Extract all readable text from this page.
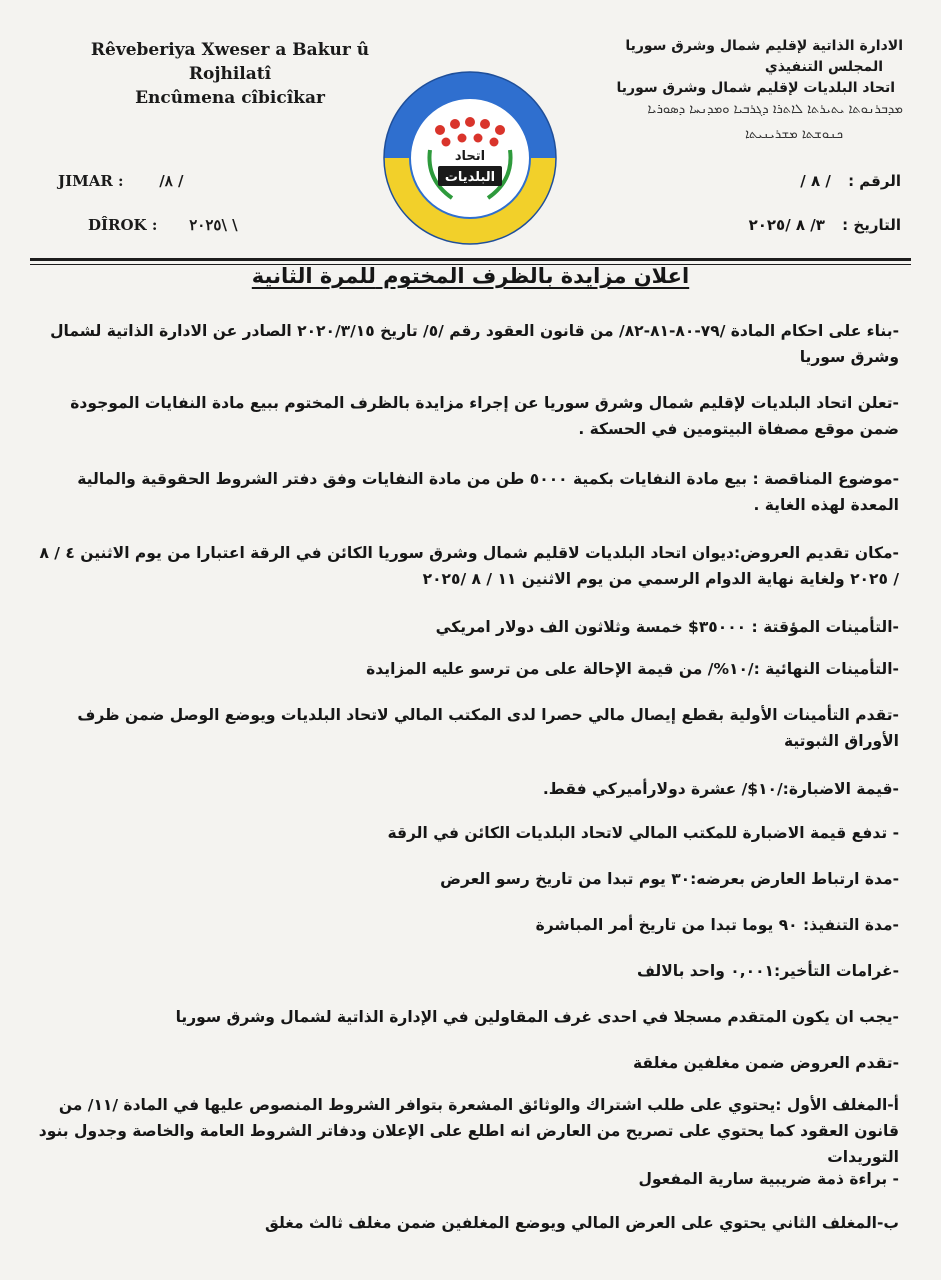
Rêveberiya Xweser a Bakur û Rojhilatî
Encûmena cîbicîkar
JIMAR : / ٨/
DÎROK : \ \٢٠٢٥
اتحاد
البلديات
الادارة الذاتية لإقليم شمال وشرق سوريا
المجلس التنفيذي
اتحاد البلديات لإقليم شمال وشرق سوريا
ܡܕܒܪܢܘܬܐ ܝܬܝܪܬܐ ܠܐܬܪܐ ܕܓܪܒܝܐ ܘܡܕܢܚܐ ܕܣܘܪܝܐ
ܟܢܘܫܬܐ ܡܫܪܝܢܝܬܐ
الرقم : / ٨ /
التاريخ : ٣/ ٨ /٢٠٢٥
اعلان مزايدة بالظرف المختوم للمرة الثانية

-بناء على احكام المادة /٧٩-٨٠-٨١-٨٢/ من قانون العقود رقم /٥/ تاريخ ٢٠٢٠/٣/١٥ الصادر عن الادارة الذاتية لشمال وشرق سوريا

-تعلن اتحاد البلديات لإقليم شمال وشرق سوريا عن إجراء مزايدة بالظرف المختوم ببيع مادة النفايات الموجودة ضمن موقع مصفاة البيتومين في الحسكة .

-موضوع المناقصة : بيع مادة النفايات بكمية ٥٠٠٠ طن من مادة النفايات وفق دفتر الشروط الحقوقية والمالية المعدة لهذه الغاية .

-مكان تقديم العروض:ديوان اتحاد البلديات لاقليم شمال وشرق سوريا الكائن في الرقة اعتبارا من يوم الاثنين ٤ / ٨ / ٢٠٢٥ ولغاية نهاية الدوام الرسمي من يوم الاثنين ١١ / ٨ /٢٠٢٥

-التأمينات المؤقتة : ٣٥٠٠٠$ خمسة وثلاثون الف دولار امريكي

-التأمينات النهائية :/١٠%/ من قيمة الإحالة على من ترسو عليه المزايدة

-تقدم التأمينات الأولية بقطع إيصال مالي حصرا لدى المكتب المالي لاتحاد البلديات ويوضع الوصل ضمن ظرف الأوراق الثبوتية

-قيمة الاضبارة:/١٠$/ عشرة دولارأميركي فقط.

- تدفع قيمة الاضبارة للمكتب المالي لاتحاد البلديات الكائن في الرقة

-مدة ارتباط العارض بعرضه:٣٠ يوم تبدا من تاريخ رسو العرض

-مدة التنفيذ: ٩٠ يوما تبدا من تاريخ أمر المباشرة

-غرامات التأخير:٠,٠٠١ واحد بالالف

-يجب ان يكون المتقدم مسجلا في احدى غرف المقاولين في الإدارة الذاتية لشمال وشرق سوريا

-تقدم العروض ضمن مغلفين مغلقة

أ-المغلف الأول :يحتوي على طلب اشتراك والوثائق المشعرة بتوافر الشروط المنصوص عليها في المادة /١١/ من قانون العقود كما يحتوي على تصريح من العارض انه اطلع على الإعلان ودفاتر الشروط العامة والخاصة وجدول بنود التوريدات

- براءة ذمة ضريبية سارية المفعول

ب-المغلف الثاني يحتوي على العرض المالي ويوضع المغلفين ضمن مغلف ثالث مغلق
